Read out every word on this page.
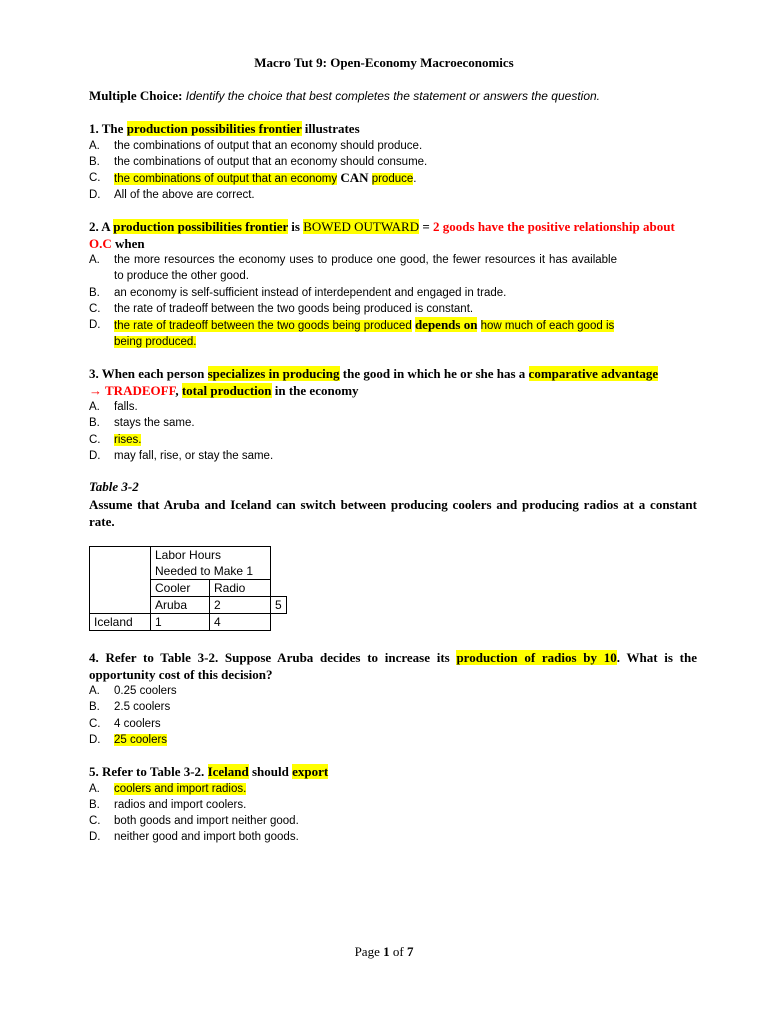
Macro Tut 9: Open-Economy Macroeconomics
Multiple Choice: Identify the choice that best completes the statement or answers the question.
1. The production possibilities frontier illustrates
A.	the combinations of output that an economy should produce.
B.	the combinations of output that an economy should consume.
C.	the combinations of output that an economy CAN produce.
D.	All of the above are correct.
2. A production possibilities frontier is BOWED OUTWARD = 2 goods have the positive relationship about O.C when
A.	the more resources the economy uses to produce one good, the fewer resources it has available to produce the other good.
B.	an economy is self-sufficient instead of interdependent and engaged in trade.
C.	the rate of tradeoff between the two goods being produced is constant.
D.	the rate of tradeoff between the two goods being produced depends on how much of each good is being produced.
3. When each person specializes in producing the good in which he or she has a comparative advantage
→ TRADEOFF, total production in the economy
A.	falls.
B.	stays the same.
C.	rises.
D.	may fall, rise, or stay the same.
Table 3-2
Assume that Aruba and Iceland can switch between producing coolers and producing radios at a constant rate.

	Labor Hours
Needed to Make 1		

	Cooler	Radio	
	Aruba	2	5
Iceland	1	4	
4. Refer to Table 3-2. Suppose Aruba decides to increase its production of radios by 10. What is the opportunity cost of this decision?
A.	0.25 coolers
B.	2.5 coolers
C.	4 coolers
D.	25 coolers
5. Refer to Table 3-2. Iceland should export
A.	coolers and import radios.
B.	radios and import coolers.
C.	both goods and import neither good.
D.	neither good and import both goods.
Page 1 of 7
